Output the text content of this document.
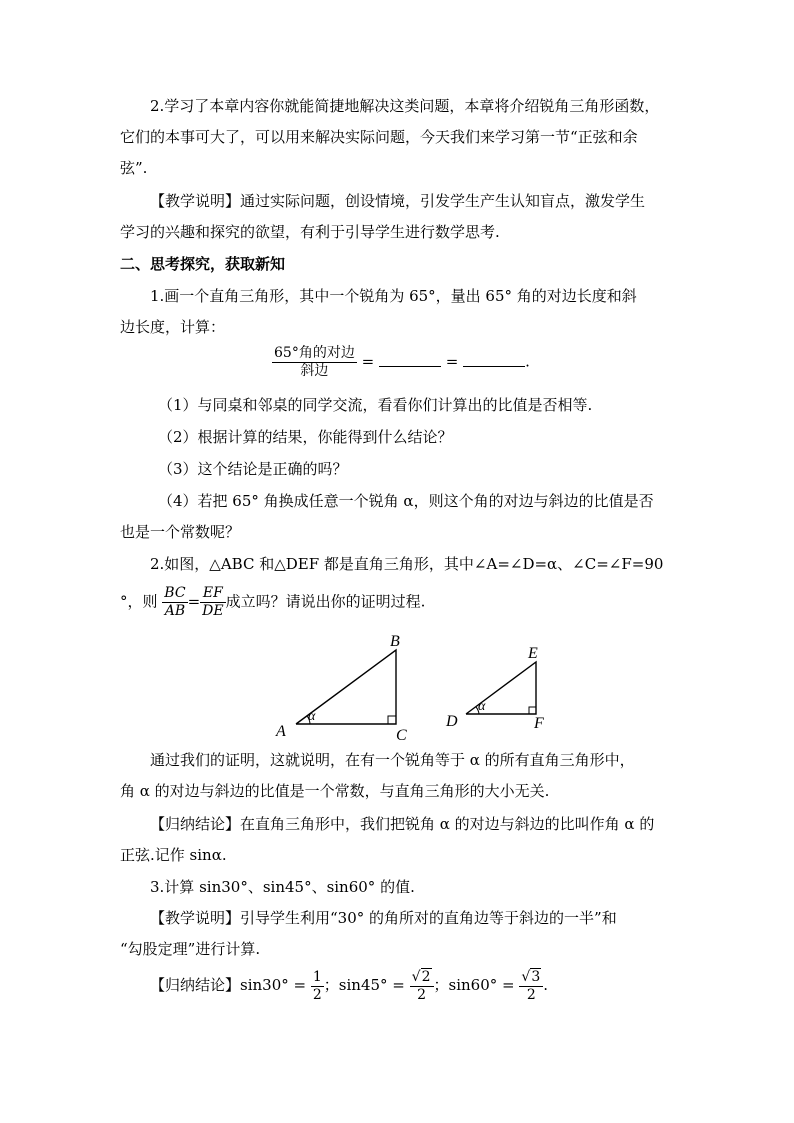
2.学习了本章内容你就能简捷地解决这类问题，本章将介绍锐角三角形函数，
它们的本事可大了，可以用来解决实际问题，今天我们来学习第一节“正弦和余
弦”.
【教学说明】通过实际问题，创设情境，引发学生产生认知盲点，激发学生
学习的兴趣和探究的欲望，有利于引导学生进行数学思考.
二、思考探究，获取新知
1.画一个直角三角形，其中一个锐角为 65°，量出 65° 角的对边长度和斜
边长度，计算：
$\frac{\text{65°角的对边}}{\text{斜边}}$ =	=	.
（1）与同桌和邻桌的同学交流，看看你们计算出的比值是否相等.
（2）根据计算的结果，你能得到什么结论？
（3）这个结论是正确的吗？
（4）若把 65° 角换成任意一个锐角 α，则这个角的对边与斜边的比值是否
也是一个常数呢？
2.如图，△ABC 和△DEF 都是直角三角形，其中∠A=∠D=α、∠C=∠F=90
°，则 $\frac{BC}{AB} = \frac{EF}{DE}$ 成立吗？请说出你的证明过程.
A
B
C
α	D
E
F
α
通过我们的证明，这就说明，在有一个锐角等于 α 的所有直角三角形中，
角 α 的对边与斜边的比值是一个常数，与直角三角形的大小无关.
【归纳结论】在直角三角形中，我们把锐角 α 的对边与斜边的比叫作角 α 的
正弦.记作 sinα.
3.计算 sin30°、sin45°、sin60° 的值.
【教学说明】引导学生利用“30° 的角所对的直角边等于斜边的一半”和
“勾股定理”进行计算.
【归纳结论】$\sin 30^\circ = \frac{1}{2}$ ；$\sin 45^\circ = \frac{√2}{2}$ ；$\sin 60^\circ = \frac{√3}{2}$ .
